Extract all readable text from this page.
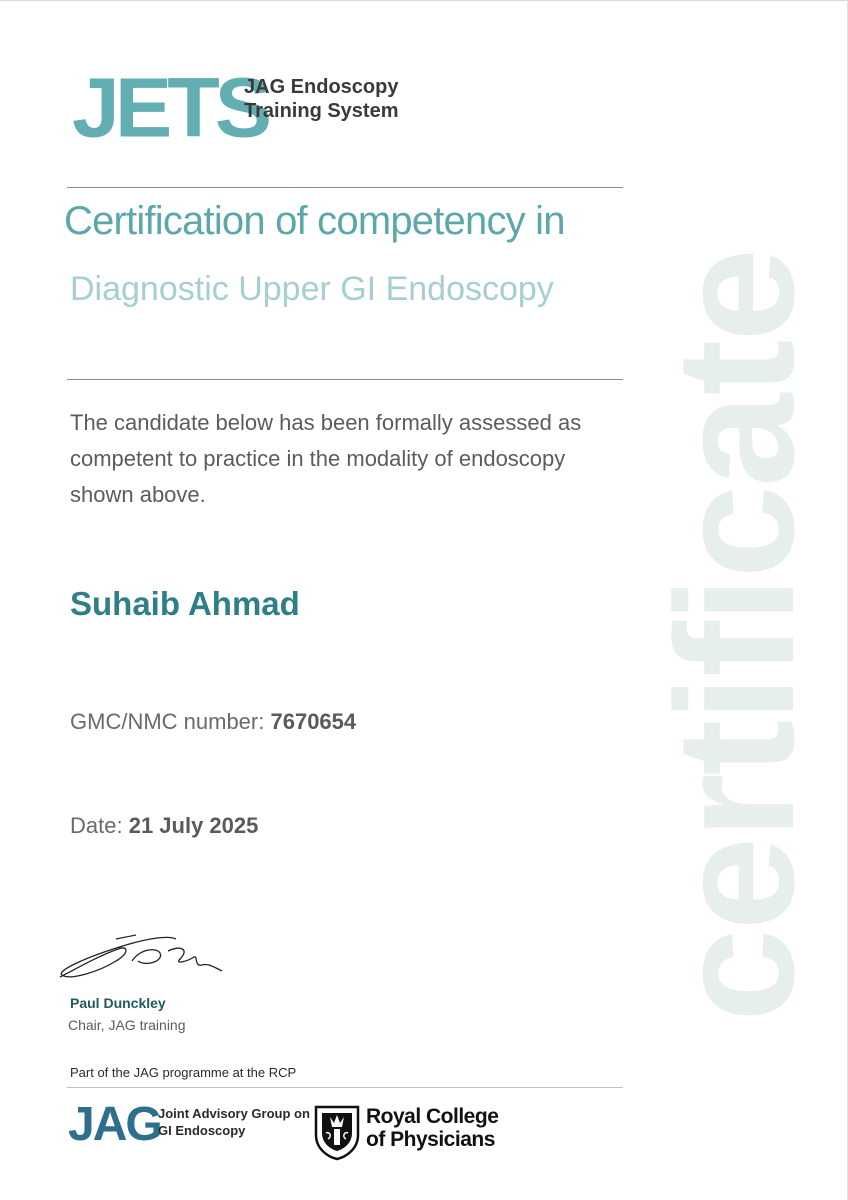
JETS
JAG Endoscopy Training System
Certification of competency in
Diagnostic Upper GI Endoscopy
The candidate below has been formally assessed as competent to practice in the modality of endoscopy shown above.
Suhaib Ahmad
GMC/NMC number: 7670654
Date: 21 July 2025
Paul Dunckley
Chair, JAG training
Part of the JAG programme at the RCP
JAG
Joint Advisory Group on GI Endoscopy
Royal College of Physicians
certificate
